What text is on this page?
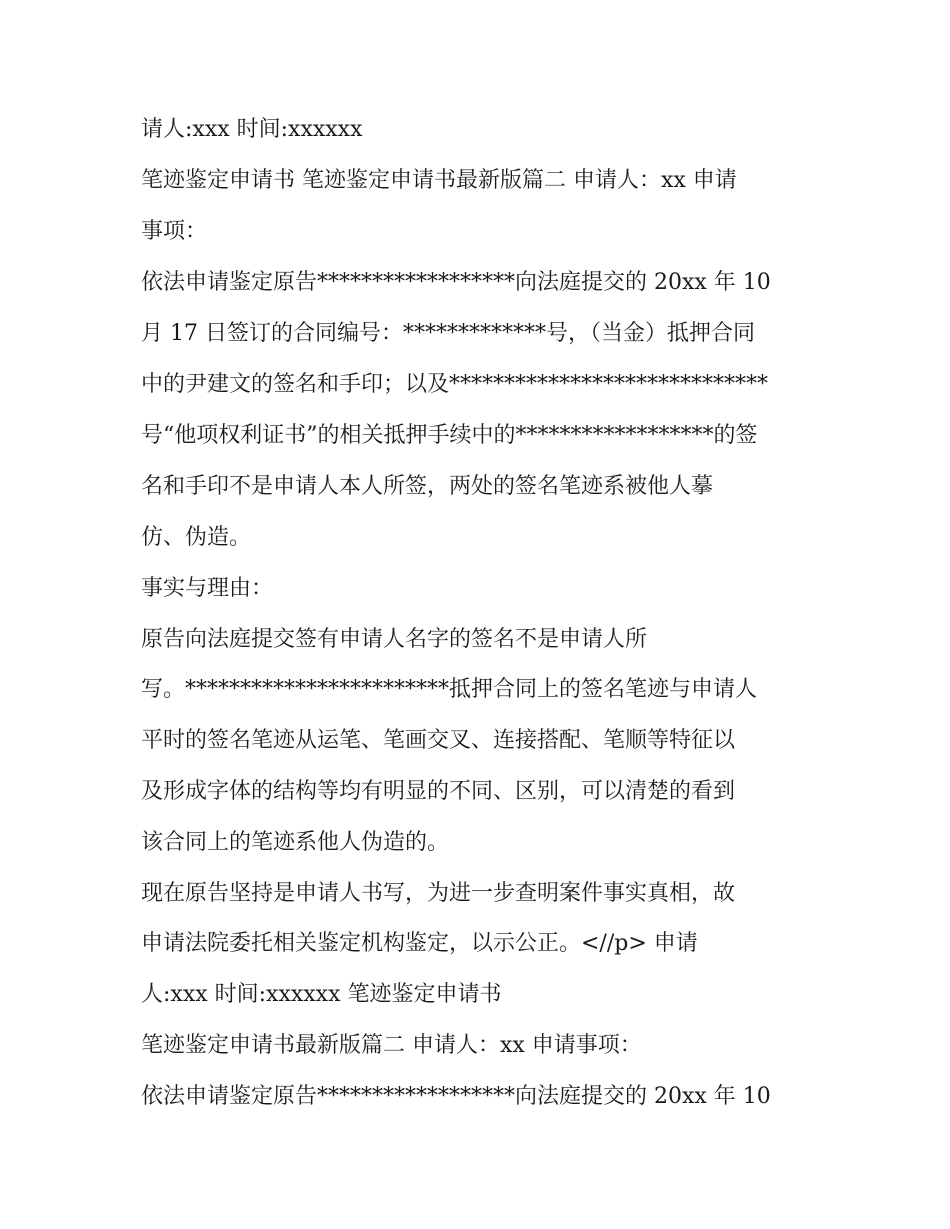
请人:xxx 时间:xxxxxx
笔迹鉴定申请书 笔迹鉴定申请书最新版篇二 申请人：xx 申请
事项：
依法申请鉴定原告******************向法庭提交的 20xx 年 10
月 17 日签订的合同编号：*************号，（当金）抵押合同
中的尹建文的签名和手印；以及*****************************
号“他项权利证书”的相关抵押手续中的******************的签
名和手印不是申请人本人所签，两处的签名笔迹系被他人摹
仿、伪造。
事实与理由：
原告向法庭提交签有申请人名字的签名不是申请人所
写。************************抵押合同上的签名笔迹与申请人
平时的签名笔迹从运笔、笔画交叉、连接搭配、笔顺等特征以
及形成字体的结构等均有明显的不同、区别，可以清楚的看到
该合同上的笔迹系他人伪造的。
现在原告坚持是申请人书写，为进一步查明案件事实真相，故
申请法院委托相关鉴定机构鉴定，以示公正。<//p> 申请
人:xxx 时间:xxxxxx 笔迹鉴定申请书
笔迹鉴定申请书最新版篇二 申请人：xx 申请事项：
依法申请鉴定原告******************向法庭提交的 20xx 年 10
